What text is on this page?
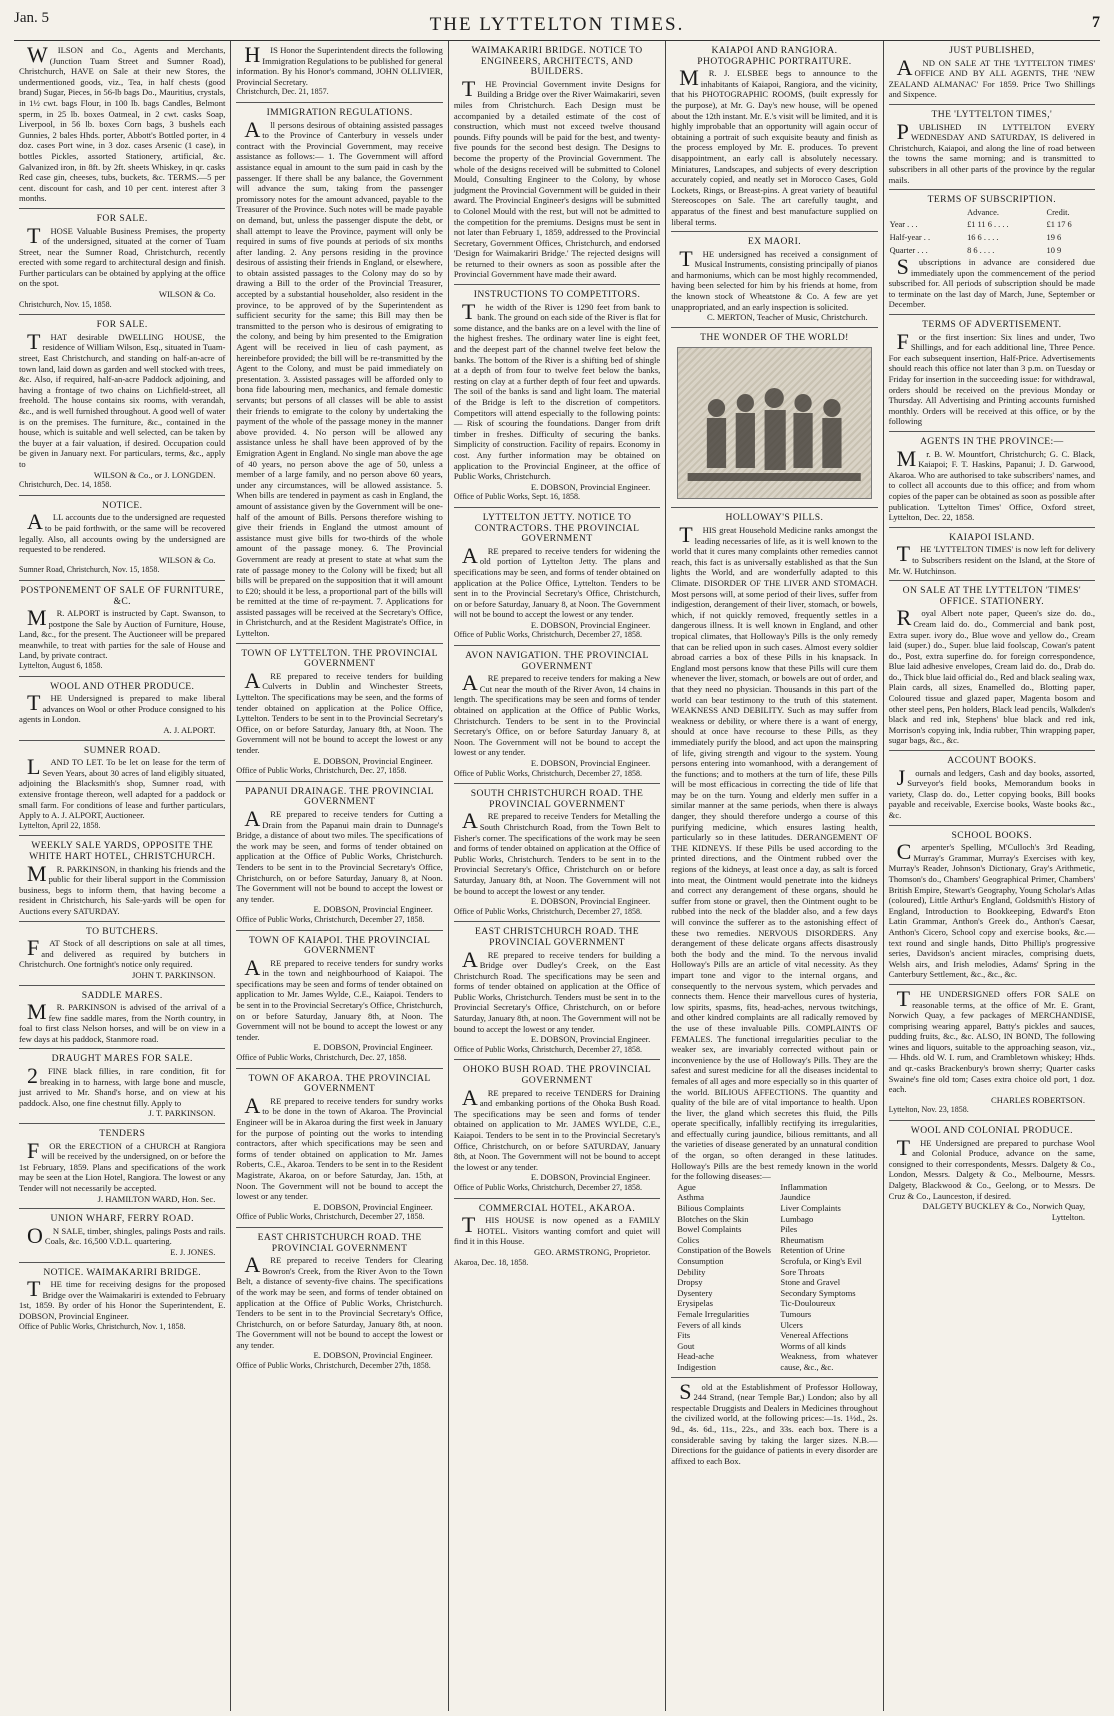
Jan. 5	THE LYTTELTON TIMES.	7

WILSON and Co., Agents and Merchants, (Junction Tuam Street and Sumner Road), Christchurch, HAVE on Sale at their new Stores, the undermentioned goods, viz., Tea, in half chests (good brand) Sugar, Pieces, in 56-lb bags Do., Mauritius, crystals, in 1½ cwt. bags Flour, in 100 lb. bags Candles, Belmont sperm, in 25 lb. boxes Oatmeal, in 2 cwt. casks Soap, Liverpool, in 56 lb. boxes Corn bags, 3 bushels each Gunnies, 2 bales Hhds. porter, Abbott's Bottled porter, in 4 doz. cases Port wine, in 3 doz. cases Arsenic (1 case), in bottles Pickles, assorted Stationery, artificial, &c. Galvanized iron, in 8ft. by 2ft. sheets Whiskey, in qr. casks Red case gin, cheeses, tubs, buckets, &c. TERMS.—5 per cent. discount for cash, and 10 per cent. interest after 3 months.

FOR SALE.

THOSE Valuable Business Premises, the property of the undersigned, situated at the corner of Tuam Street, near the Sumner Road, Christchurch, recently erected with some regard to architectural design and finish. Further particulars can be obtained by applying at the office on the spot.

WILSON & Co.

Christchurch, Nov. 15, 1858.

FOR SALE.

THAT desirable DWELLING HOUSE, the residence of William Wilson, Esq., situated in Tuam-street, East Christchurch, and standing on half-an-acre of town land, laid down as garden and well stocked with trees, &c. Also, if required, half-an-acre Paddock adjoining, and having a frontage of two chains on Lichfield-street, all freehold. The house contains six rooms, with verandah, &c., and is well furnished throughout. A good well of water is on the premises. The furniture, &c., contained in the house, which is suitable and well selected, can be taken by the buyer at a fair valuation, if desired. Occupation could be given in January next. For particulars, terms, &c., apply to

WILSON & Co., or J. LONGDEN.

Christchurch, Dec. 14, 1858.

NOTICE.

ALL accounts due to the undersigned are requested to be paid forthwith, or the same will be recovered legally. Also, all accounts owing by the undersigned are requested to be rendered.

WILSON & Co.

Sumner Road, Christchurch, Nov. 15, 1858.

POSTPONEMENT OF SALE OF FURNITURE, &C.

MR. ALPORT is instructed by Capt. Swanson, to postpone the Sale by Auction of Furniture, House, Land, &c., for the present. The Auctioneer will be prepared meanwhile, to treat with parties for the sale of House and Land, by private contract.

Lyttelton, August 6, 1858.

WOOL AND OTHER PRODUCE.

THE Undersigned is prepared to make liberal advances on Wool or other Produce consigned to his agents in London.

A. J. ALPORT.

SUMNER ROAD.

LAND TO LET. To be let on lease for the term of Seven Years, about 30 acres of land eligibly situated, adjoining the Blacksmith's shop, Sumner road, with extensive frontage thereon, well adapted for a paddock or small farm. For conditions of lease and further particulars, Apply to A. J. ALPORT, Auctioneer.

Lyttelton, April 22, 1858.

WEEKLY SALE YARDS, OPPOSITE THE WHITE HART HOTEL, CHRISTCHURCH.

MR. PARKINSON, in thanking his friends and the public for their liberal support in the Commission business, begs to inform them, that having become a resident in Christchurch, his Sale-yards will be open for Auctions every SATURDAY.

TO BUTCHERS.

FAT Stock of all descriptions on sale at all times, and delivered as required by butchers in Christchurch. One fortnight's notice only required.

JOHN T. PARKINSON.

SADDLE MARES.

MR. PARKINSON is advised of the arrival of a few fine saddle mares, from the North country, in foal to first class Nelson horses, and will be on view in a few days at his paddock, Stanmore road.

DRAUGHT MARES FOR SALE.

2FINE black fillies, in rare condition, fit for breaking in to harness, with large bone and muscle, just arrived to Mr. Shand's horse, and on view at his paddock. Also, one fine chestnut filly. Apply to

J. T. PARKINSON.

TENDERS

FOR the ERECTION of a CHURCH at Rangiora will be received by the undersigned, on or before the 1st February, 1859. Plans and specifications of the work may be seen at the Lion Hotel, Rangiora. The lowest or any Tender will not necessarily be accepted.

J. HAMILTON WARD, Hon. Sec.

UNION WHARF, FERRY ROAD.

ON SALE, timber, shingles, palings Posts and rails. Coals, &c. 16,500 V.D.L. quartering.

E. J. JONES.

NOTICE. WAIMAKARIRI BRIDGE.

THE time for receiving designs for the proposed Bridge over the Waimakariri is extended to February 1st, 1859. By order of his Honor the Superintendent, E. DOBSON, Provincial Engineer.

Office of Public Works, Christchurch, Nov. 1, 1858.

HIS Honor the Superintendent directs the following Immigration Regulations to be published for general information. By his Honor's command, JOHN OLLIVIER, Provincial Secretary.

Christchurch, Dec. 21, 1857.

IMMIGRATION REGULATIONS.

All persons desirous of obtaining assisted passages to the Province of Canterbury in vessels under contract with the Provincial Government, may receive assistance as follows:— 1. The Government will afford assistance equal in amount to the sum paid in cash by the passenger. If there shall be any balance, the Government will advance the sum, taking from the passenger promissory notes for the amount advanced, payable to the Treasurer of the Province. Such notes will be made payable on demand, but, unless the passenger dispute the debt, or shall attempt to leave the Province, payment will only be required in sums of five pounds at periods of six months after landing. 2. Any persons residing in the province desirous of assisting their friends in England, or elsewhere, to obtain assisted passages to the Colony may do so by drawing a Bill to the order of the Provincial Treasurer, accepted by a substantial householder, also resident in the province, to be approved of by the Superintendent as sufficient security for the same; this Bill may then be transmitted to the person who is desirous of emigrating to the colony, and being by him presented to the Emigration Agent will be received in lieu of cash payment, as hereinbefore provided; the bill will be re-transmitted by the Agent to the Colony, and must be paid immediately on presentation. 3. Assisted passages will be afforded only to bona fide labouring men, mechanics, and female domestic servants; but persons of all classes will be able to assist their friends to emigrate to the colony by undertaking the payment of the whole of the passage money in the manner above provided. 4. No person will be allowed any assistance unless he shall have been approved of by the Emigration Agent in England. No single man above the age of 40 years, no person above the age of 50, unless a member of a large family, and no person above 60 years, under any circumstances, will be allowed assistance. 5. When bills are tendered in payment as cash in England, the amount of assistance given by the Government will be one-half of the amount of Bills. Persons therefore wishing to give their friends in England the utmost amount of assistance must give bills for two-thirds of the whole amount of the passage money. 6. The Provincial Government are ready at present to state at what sum the rate of passage money to the Colony will be fixed; but all bills will be prepared on the supposition that it will amount to £20; should it be less, a proportional part of the bills will be remitted at the time of re-payment. 7. Applications for assisted passages will be received at the Secretary's Office, in Christchurch, and at the Resident Magistrate's Office, in Lyttelton.

TOWN OF LYTTELTON. THE PROVINCIAL GOVERNMENT

ARE prepared to receive tenders for building Culverts in Dublin and Winchester Streets, Lyttelton. The specifications may be seen, and the forms of tender obtained on application at the Police Office, Lyttelton. Tenders to be sent in to the Provincial Secretary's Office, on or before Saturday, January 8th, at Noon. The Government will not be bound to accept the lowest or any tender.

E. DOBSON, Provincial Engineer.

Office of Public Works, Christchurch, Dec. 27, 1858.

PAPANUI DRAINAGE. THE PROVINCIAL GOVERNMENT

ARE prepared to receive tenders for Cutting a Drain from the Papanui main drain to Dunnage's Bridge, a distance of about two miles. The specifications of the work may be seen, and forms of tender obtained on application at the Office of Public Works, Christchurch. Tenders to be sent in to the Provincial Secretary's Office, Christchurch, on or before Saturday, January 8, at Noon. The Government will not be bound to accept the lowest or any tender.

E. DOBSON, Provincial Engineer.

Office of Public Works, Christchurch, December 27, 1858.

TOWN OF KAIAPOI. THE PROVINCIAL GOVERNMENT

ARE prepared to receive tenders for sundry works in the town and neighbourhood of Kaiapoi. The specifications may be seen and forms of tender obtained on application to Mr. James Wylde, C.E., Kaiapoi. Tenders to be sent in to the Provincial Secretary's Office, Christchurch, on or before Saturday, January 8th, at Noon. The Government will not be bound to accept the lowest or any tender.

E. DOBSON, Provincial Engineer.

Office of Public Works, Christchurch, Dec. 27, 1858.

TOWN OF AKAROA. THE PROVINCIAL GOVERNMENT

ARE prepared to receive tenders for sundry works to be done in the town of Akaroa. The Provincial Engineer will be in Akaroa during the first week in January for the purpose of pointing out the works to intending contractors, after which specifications may be seen and forms of tender obtained on application to Mr. James Roberts, C.E., Akaroa. Tenders to be sent in to the Resident Magistrate, Akaroa, on or before Saturday, Jan. 15th, at Noon. The Government will not be bound to accept the lowest or any tender.

E. DOBSON, Provincial Engineer.

Office of Public Works, Christchurch, December 27, 1858.

EAST CHRISTCHURCH ROAD. THE PROVINCIAL GOVERNMENT

ARE prepared to receive Tenders for Clearing Bowron's Creek, from the River Avon to the Town Belt, a distance of seventy-five chains. The specifications of the work may be seen, and forms of tender obtained on application at the Office of Public Works, Christchurch. Tenders to be sent in to the Provincial Secretary's Office, Christchurch, on or before Saturday, January 8th, at noon. The Government will not be bound to accept the lowest or any tender.

E. DOBSON, Provincial Engineer.

Office of Public Works, Christchurch, December 27th, 1858.

WAIMAKARIRI BRIDGE. NOTICE TO ENGINEERS, ARCHITECTS, AND BUILDERS.

THE Provincial Government invite Designs for Building a Bridge over the River Waimakariri, seven miles from Christchurch. Each Design must be accompanied by a detailed estimate of the cost of construction, which must not exceed twelve thousand pounds. Fifty pounds will be paid for the best, and twenty-five pounds for the second best design. The Designs to become the property of the Provincial Government. The whole of the designs received will be submitted to Colonel Mould, Consulting Engineer to the Colony, by whose judgment the Provincial Government will be guided in their award. The Provincial Engineer's designs will be submitted to Colonel Mould with the rest, but will not be admitted to the competition for the premiums. Designs must be sent in not later than February 1, 1859, addressed to the Provincial Secretary, Government Offices, Christchurch, and endorsed 'Design for Waimakariri Bridge.' The rejected designs will be returned to their owners as soon as possible after the Provincial Government have made their award.

INSTRUCTIONS TO COMPETITORS.

The width of the River is 1290 feet from bank to bank. The ground on each side of the River is flat for some distance, and the banks are on a level with the line of the highest freshes. The ordinary water line is eight feet, and the deepest part of the channel twelve feet below the banks. The bottom of the River is a shifting bed of shingle at a depth of from four to twelve feet below the banks, resting on clay at a further depth of four feet and upwards. The soil of the banks is sand and light loam. The material of the Bridge is left to the discretion of competitors. Competitors will attend especially to the following points:— Risk of scouring the foundations. Danger from drift timber in freshes. Difficulty of securing the banks. Simplicity of construction. Facility of repairs. Economy in cost. Any further information may be obtained on application to the Provincial Engineer, at the office of Public Works, Christchurch.

E. DOBSON, Provincial Engineer.

Office of Public Works, Sept. 16, 1858.

LYTTELTON JETTY. NOTICE TO CONTRACTORS. THE PROVINCIAL GOVERNMENT

ARE prepared to receive tenders for widening the old portion of Lyttelton Jetty. The plans and specifications may be seen, and forms of tender obtained on application at the Police Office, Lyttelton. Tenders to be sent in to the Provincial Secretary's Office, Christchurch, on or before Saturday, January 8, at Noon. The Government will not be bound to accept the lowest or any tender.

E. DOBSON, Provincial Engineer.

Office of Public Works, Christchurch, December 27, 1858.

AVON NAVIGATION. THE PROVINCIAL GOVERNMENT

ARE prepared to receive tenders for making a New Cut near the mouth of the River Avon, 14 chains in length. The specifications may be seen and forms of tender obtained on application at the Office of Public Works, Christchurch. Tenders to be sent in to the Provincial Secretary's Office, on or before Saturday January 8, at Noon. The Government will not be bound to accept the lowest or any tender.

E. DOBSON, Provincial Engineer.

Office of Public Works, Christchurch, December 27, 1858.

SOUTH CHRISTCHURCH ROAD. THE PROVINCIAL GOVERNMENT

ARE prepared to receive Tenders for Metalling the South Christchurch Road, from the Town Belt to Fisher's corner. The specifications of the work may be seen and forms of tender obtained on application at the Office of Public Works, Christchurch. Tenders to be sent in to the Provincial Secretary's Office, Christchurch on or before Saturday, January 8th, at Noon. The Government will not be bound to accept the lowest or any tender.

E. DOBSON, Provincial Engineer.

Office of Public Works, Christchurch, December 27, 1858.

EAST CHRISTCHURCH ROAD. THE PROVINCIAL GOVERNMENT

ARE prepared to receive tenders for building a Bridge over Dudley's Creek, on the East Christchurch Road. The specifications may be seen and forms of tender obtained on application at the Office of Public Works, Christchurch. Tenders must be sent in to the Provincial Secretary's Office, Christchurch, on or before Saturday, January 8th, at noon. The Government will not be bound to accept the lowest or any tender.

E. DOBSON, Provincial Engineer.

Office of Public Works, Christchurch, December 27, 1858.

OHOKO BUSH ROAD. THE PROVINCIAL GOVERNMENT

ARE prepared to receive TENDERS for Draining and embanking portions of the Ohoka Bush Road. The specifications may be seen and forms of tender obtained on application to Mr. JAMES WYLDE, C.E., Kaiapoi. Tenders to be sent in to the Provincial Secretary's Office, Christchurch, on or before SATURDAY, January 8th, at Noon. The Government will not be bound to accept the lowest or any tender.

E. DOBSON, Provincial Engineer.

Office of Public Works, Christchurch, December 27, 1858.

COMMERCIAL HOTEL, AKAROA.

THIS HOUSE is now opened as a FAMILY HOTEL. Visitors wanting comfort and quiet will find it in this House.

GEO. ARMSTRONG, Proprietor.

Akaroa, Dec. 18, 1858.

KAIAPOI AND RANGIORA. PHOTOGRAPHIC PORTRAITURE.

MR. J. ELSBEE begs to announce to the inhabitants of Kaiapoi, Rangiora, and the vicinity, that his PHOTOGRAPHIC ROOMS, (built expressly for the purpose), at Mr. G. Day's new house, will be opened about the 12th instant. Mr. E.'s visit will be limited, and it is highly improbable that an opportunity will again occur of obtaining a portrait of such exquisite beauty and finish as the process employed by Mr. E. produces. To prevent disappointment, an early call is absolutely necessary. Miniatures, Landscapes, and subjects of every description accurately copied, and neatly set in Morocco Cases, Gold Lockets, Rings, or Breast-pins. A great variety of beautiful Stereoscopes on Sale. The art carefully taught, and apparatus of the finest and best manufacture supplied on liberal terms.

EX MAORI.

THE undersigned has received a consignment of Musical Instruments, consisting principally of pianos and harmoniums, which can be most highly recommended, having been selected for him by his friends at home, from the known stock of Wheatstone & Co. A few are yet unappropriated, and an early inspection is solicited.

C. MERTON, Teacher of Music, Christchurch.

THE WONDER OF THE WORLD!
HOLLOWAY'S PILLS.

THIS great Household Medicine ranks amongst the leading necessaries of life, as it is well known to the world that it cures many complaints other remedies cannot reach, this fact is as universally established as that the Sun lights the World, and are wonderfully adapted to this Climate. DISORDER OF THE LIVER AND STOMACH. Most persons will, at some period of their lives, suffer from indigestion, derangement of their liver, stomach, or bowels, which, if not quickly removed, frequently settles in a dangerous illness. It is well known in England, and other tropical climates, that Holloway's Pills is the only remedy that can be relied upon in such cases. Almost every soldier abroad carries a box of these Pills in his knapsack. In England most persons know that these Pills will cure them whenever the liver, stomach, or bowels are out of order, and that they need no physician. Thousands in this part of the world can bear testimony to the truth of this statement. WEAKNESS AND DEBILITY. Such as may suffer from weakness or debility, or where there is a want of energy, should at once have recourse to these Pills, as they immediately purify the blood, and act upon the mainspring of life, giving strength and vigour to the system. Young persons entering into womanhood, with a derangement of the functions; and to mothers at the turn of life, these Pills will be most efficacious in correcting the tide of life that may be on the turn. Young and elderly men suffer in a similar manner at the same periods, when there is always danger, they should therefore undergo a course of this purifying medicine, which ensures lasting health, particularly so in these latitudes. DERANGEMENT OF THE KIDNEYS. If these Pills be used according to the printed directions, and the Ointment rubbed over the regions of the kidneys, at least once a day, as salt is forced into meat, the Ointment would penetrate into the kidneys and correct any derangement of these organs, should he suffer from stone or gravel, then the Ointment ought to be rubbed into the neck of the bladder also, and a few days will convince the sufferer as to the astonishing effect of these two remedies. NERVOUS DISORDERS. Any derangement of these delicate organs affects disastrously both the body and the mind. To the nervous invalid Holloway's Pills are an article of vital necessity. As they impart tone and vigor to the internal organs, and consequently to the nervous system, which pervades and connects them. Hence their marvellous cures of hysteria, low spirits, spasms, fits, head-aches, nervous twitchings, and other kindred complaints are all radically removed by the use of these invaluable Pills. COMPLAINTS OF FEMALES. The functional irregularities peculiar to the weaker sex, are invariably corrected without pain or inconvenience by the use of Holloway's Pills. They are the safest and surest medicine for all the diseases incidental to females of all ages and more especially so in this quarter of the world. BILIOUS AFFECTIONS. The quantity and quality of the bile are of vital importance to health. Upon the liver, the gland which secretes this fluid, the Pills operate specifically, infallibly rectifying its irregularities, and effectually curing jaundice, bilious remittants, and all the varieties of disease generated by an unnatural condition of the organ, so often deranged in these latitudes. Holloway's Pills are the best remedy known in the world for the following diseases:—

Ague
Asthma
Bilious Complaints
Blotches on the Skin
Bowel Complaints
Colics
Constipation of the Bowels
Consumption
Debility
Dropsy
Dysentery
Erysipelas
Female Irregularities
Fevers of all kinds
Fits
Gout
Head-ache
Indigestion
Inflammation
Jaundice
Liver Complaints
Lumbago
Piles
Rheumatism
Retention of Urine
Scrofula, or King's Evil
Sore Throats
Stone and Gravel
Secondary Symptoms
Tic-Douloureux
Tumours
Ulcers
Venereal Affections
Worms of all kinds
Weakness, from whatever cause, &c., &c.

Sold at the Establishment of Professor Holloway, 244 Strand, (near Temple Bar,) London; also by all respectable Druggists and Dealers in Medicines throughout the civilized world, at the following prices:—1s. 1½d., 2s. 9d., 4s. 6d., 11s., 22s., and 33s. each box. There is a considerable saving by taking the larger sizes. N.B.—Directions for the guidance of patients in every disorder are affixed to each Box.

JUST PUBLISHED,

AND ON SALE AT THE 'LYTTELTON TIMES' OFFICE AND BY ALL AGENTS, THE 'NEW ZEALAND ALMANAC' For 1859. Price Two Shillings and Sixpence.

THE 'LYTTELTON TIMES,'

PUBLISHED IN LYTTELTON EVERY WEDNESDAY AND SATURDAY, IS delivered in Christchurch, Kaiapoi, and along the line of road between the towns the same morning; and is transmitted to subscribers in all other parts of the province by the regular mails.

TERMS OF SUBSCRIPTION.
	Advance.	Credit.
Year . . .	£1 11 6 . . . .	£1 17 6
Half-year . .	16 6 . . . .	19 6
Quarter . . .	8 6 . . . .	10 9

Subscriptions in advance are considered due immediately upon the commencement of the period subscribed for. All periods of subscription should be made to terminate on the last day of March, June, September or December.

TERMS OF ADVERTISEMENT.

For the first insertion: Six lines and under, Two Shillings, and for each additional line, Three Pence. For each subsequent insertion, Half-Price. Advertisements should reach this office not later than 3 p.m. on Tuesday or Friday for insertion in the succeeding issue: for withdrawal, orders should be received on the previous Monday or Thursday. All Advertising and Printing accounts furnished monthly. Orders will be received at this office, or by the following

AGENTS IN THE PROVINCE:—

Mr. B. W. Mountfort, Christchurch; G. C. Black, Kaiapoi; F. T. Haskins, Papanui; J. D. Garwood, Akaroa. Who are authorised to take subscribers' names, and to collect all accounts due to this office; and from whom copies of the paper can be obtained as soon as possible after publication. 'Lyttelton Times' Office, Oxford street, Lyttelton, Dec. 22, 1858.

KAIAPOI ISLAND.

THE 'LYTTELTON TIMES' is now left for delivery to Subscribers resident on the Island, at the Store of Mr. W. Hutchinson.

ON SALE AT THE LYTTELTON 'TIMES' OFFICE. STATIONERY.

Royal Albert note paper, Queen's size do. do., Cream laid do. do., Commercial and bank post, Extra super. ivory do., Blue wove and yellow do., Cream laid (super.) do., Super. blue laid foolscap, Cowan's patent do., Post, extra superfine do. for foreign correspondence, Blue laid adhesive envelopes, Cream laid do. do., Drab do. do., Thick blue laid official do., Red and black sealing wax, Plain cards, all sizes, Enamelled do., Blotting paper, Coloured tissue and glazed paper, Magenta bosom and other steel pens, Pen holders, Black lead pencils, Walkden's black and red ink, Stephens' blue black and red ink, Morrison's copying ink, India rubber, Thin wrapping paper, sugar bags, &c., &c.

ACCOUNT BOOKS.

Journals and ledgers, Cash and day books, assorted, Surveyor's field books, Memorandum books in variety, Clasp do. do., Letter copying books, Bill books payable and receivable, Exercise books, Waste books &c., &c.

SCHOOL BOOKS.

Carpenter's Spelling, M'Culloch's 3rd Reading, Murray's Grammar, Murray's Exercises with key, Murray's Reader, Johnson's Dictionary, Gray's Arithmetic, Thomson's do., Chambers' Geographical Primer, Chambers' British Empire, Stewart's Geography, Young Scholar's Atlas (coloured), Little Arthur's England, Goldsmith's History of England, Introduction to Bookkeeping, Edward's Eton Latin Grammar, Anthon's Greek do., Anthon's Caesar, Anthon's Cicero, School copy and exercise books, &c.—text round and single hands, Ditto Phillip's progressive series, Davidson's ancient miracles, comprising duets, Welsh airs, and Irish melodies, Adams' Spring in the Canterbury Settlement, &c., &c., &c.

THE UNDERSIGNED offers FOR SALE on reasonable terms, at the office of Mr. E. Grant, Norwich Quay, a few packages of MERCHANDISE, comprising wearing apparel, Batty's pickles and sauces, pudding fruits, &c., &c. ALSO, IN BOND, The following wines and liquors, suitable to the approaching season, viz.,— Hhds. old W. I. rum, and Crambletown whiskey; Hhds. and qr.-casks Brackenbury's brown sherry; Quarter casks Swaine's fine old tom; Cases extra choice old port, 1 doz. each.

CHARLES ROBERTSON.

Lyttelton, Nov. 23, 1858.

WOOL AND COLONIAL PRODUCE.

THE Undersigned are prepared to purchase Wool and Colonial Produce, advance on the same, consigned to their correspondents, Messrs. Dalgety & Co., London, Messrs. Dalgety & Co., Melbourne, Messrs. Dalgety, Blackwood & Co., Geelong, or to Messrs. De Cruz & Co., Launceston, if desired.

DALGETY BUCKLEY & Co., Norwich Quay, Lyttelton.
